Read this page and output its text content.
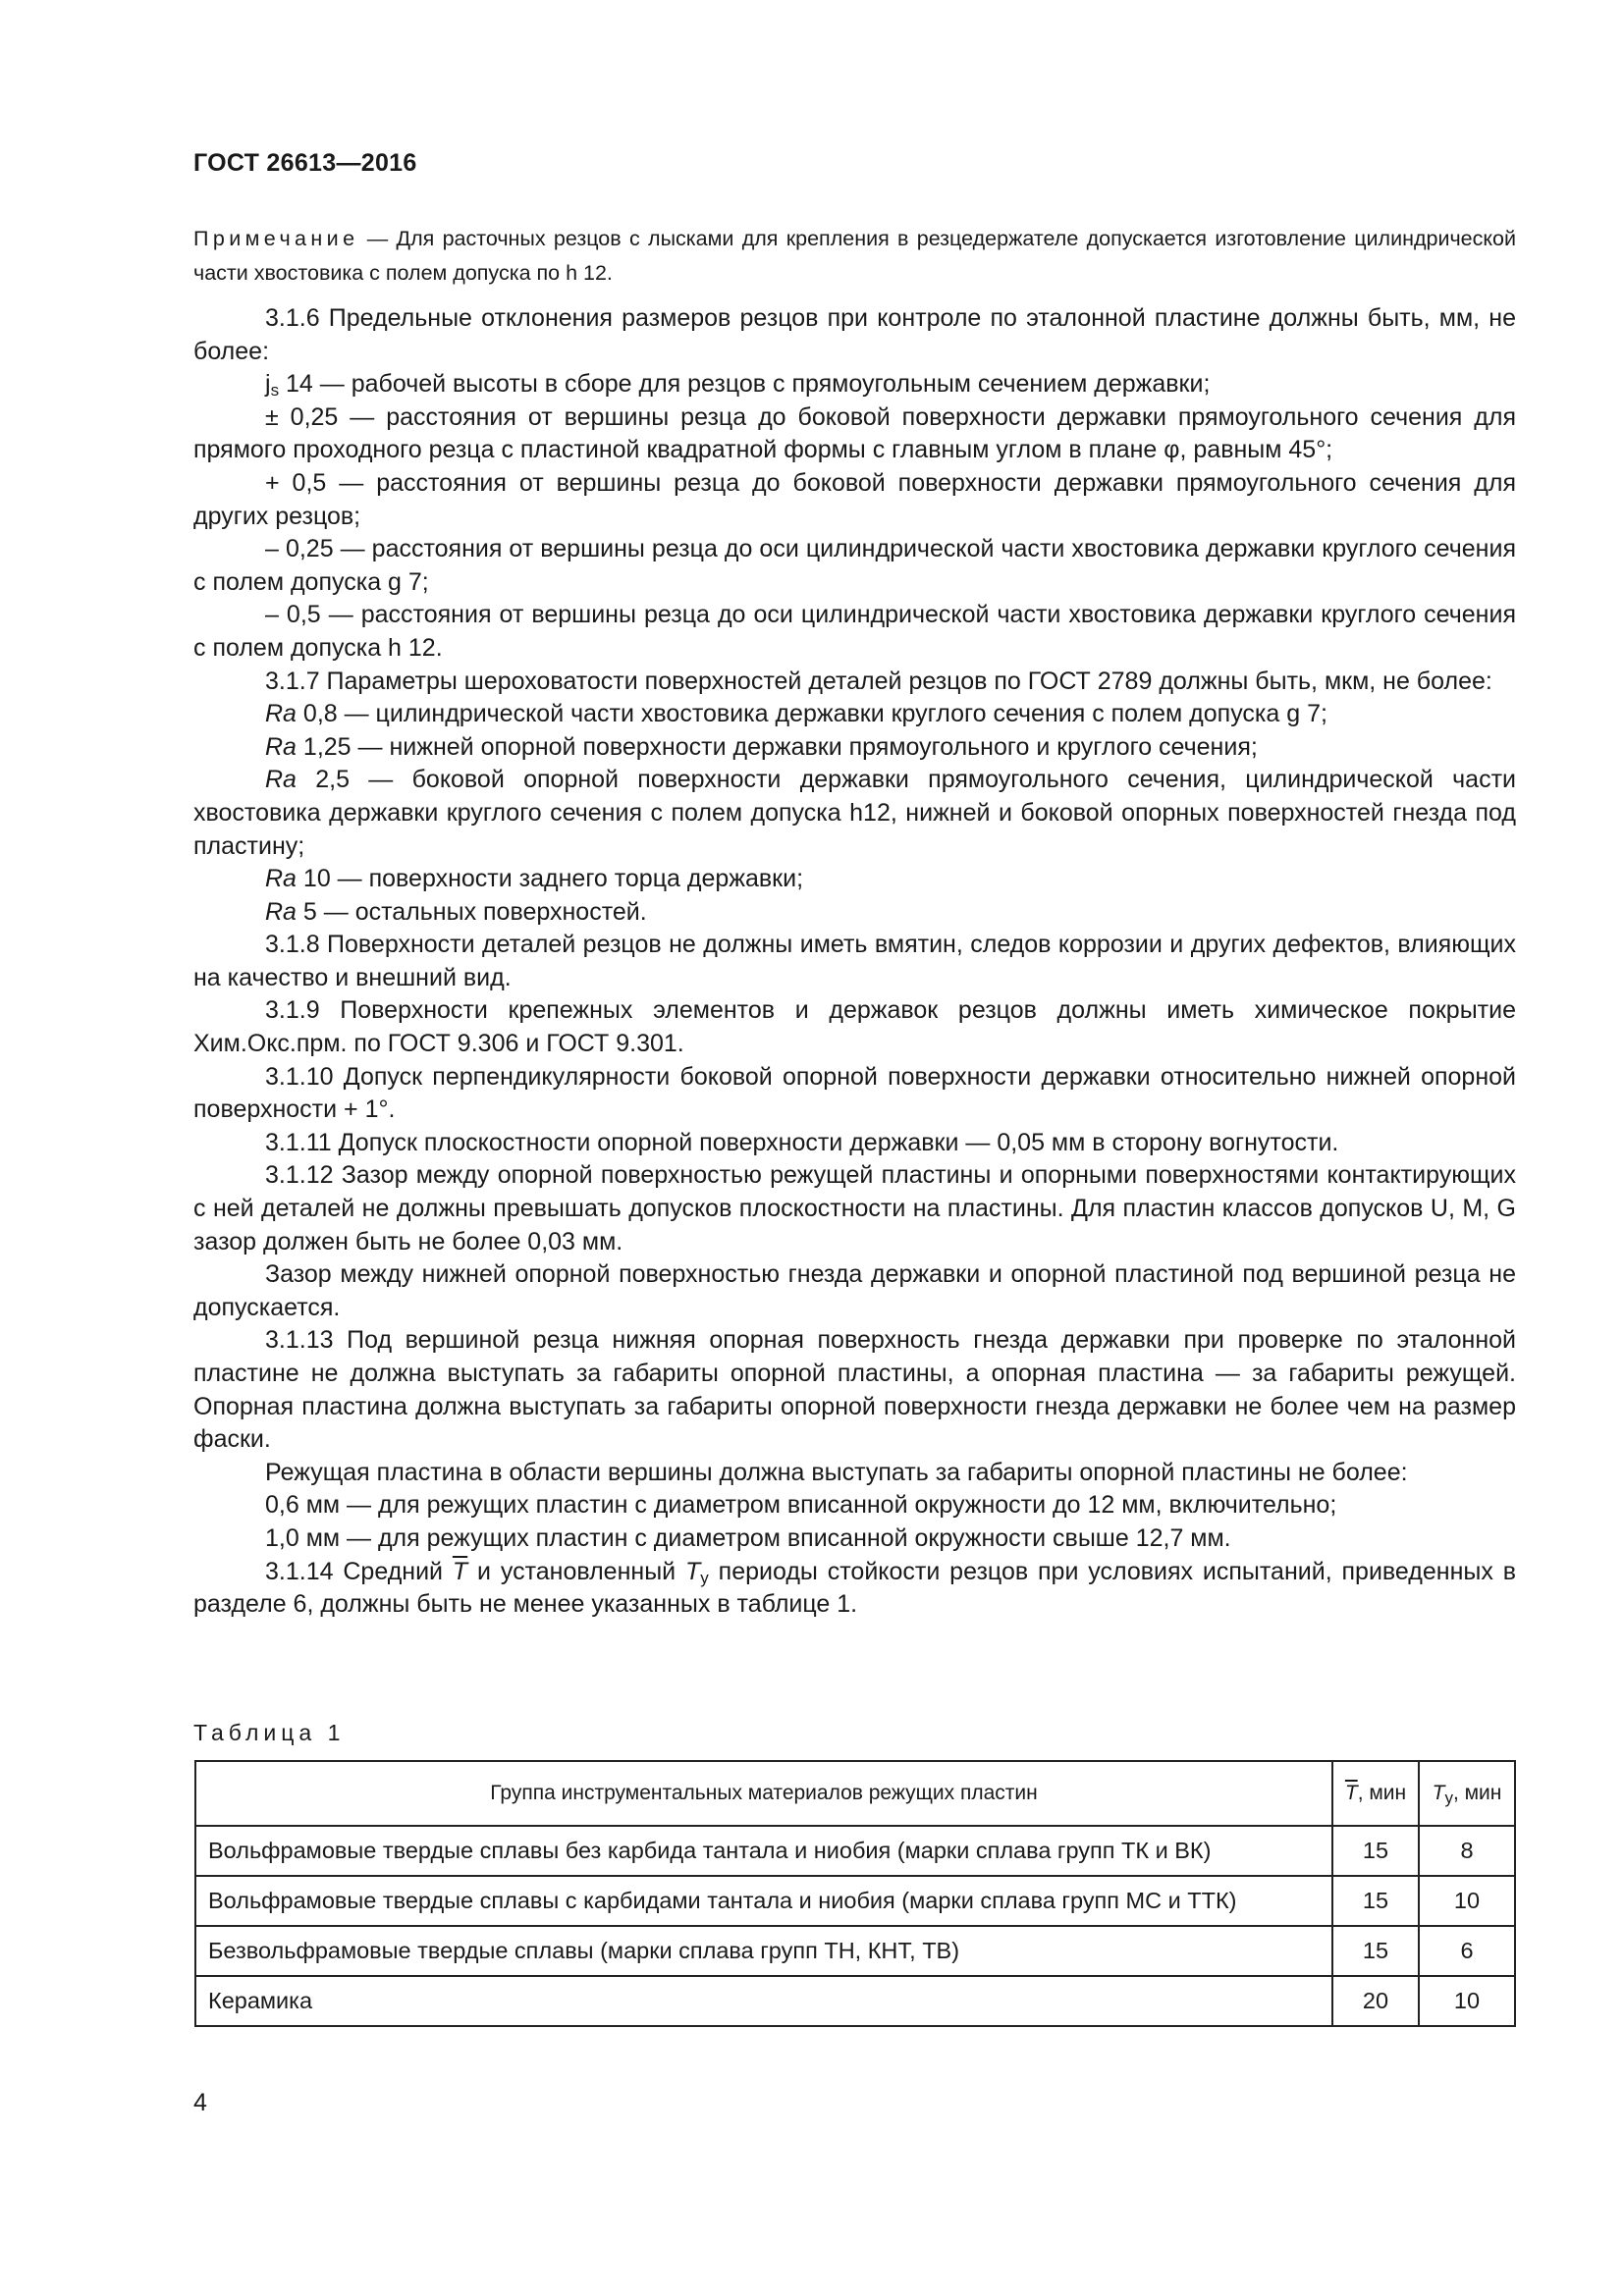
ГОСТ 26613—2016
Примечание — Для расточных резцов с лысками для крепления в резцедержателе допускается изготовление цилиндрической части хвостовика с полем допуска по h 12.

3.1.6 Предельные отклонения размеров резцов при контроле по эталонной пластине должны быть, мм, не более:

$j_s$ 14 — рабочей высоты в сборе для резцов с прямоугольным сечением державки;

± 0,25 — расстояния от вершины резца до боковой поверхности державки прямоугольного сечения для прямого проходного резца с пластиной квадратной формы с главным углом в плане φ, равным 45°;

+ 0,5 — расстояния от вершины резца до боковой поверхности державки прямоугольного сечения для других резцов;

– 0,25 — расстояния от вершины резца до оси цилиндрической части хвостовика державки круглого сечения с полем допуска g 7;

– 0,5 — расстояния от вершины резца до оси цилиндрической части хвостовика державки круглого сечения с полем допуска h 12.

3.1.7 Параметры шероховатости поверхностей деталей резцов по ГОСТ 2789 должны быть, мкм, не более:

Ra 0,8 — цилиндрической части хвостовика державки круглого сечения с полем допуска g 7;

Ra 1,25 — нижней опорной поверхности державки прямоугольного и круглого сечения;

Ra 2,5 — боковой опорной поверхности державки прямоугольного сечения, цилиндрической части хвостовика державки круглого сечения с полем допуска h12, нижней и боковой опорных поверхностей гнезда под пластину;

Ra 10 — поверхности заднего торца державки;

Ra 5 — остальных поверхностей.

3.1.8 Поверхности деталей резцов не должны иметь вмятин, следов коррозии и других дефектов, влияющих на качество и внешний вид.

3.1.9 Поверхности крепежных элементов и державок резцов должны иметь химическое покрытие Хим.Окс.прм. по ГОСТ 9.306 и ГОСТ 9.301.

3.1.10 Допуск перпендикулярности боковой опорной поверхности державки относительно нижней опорной поверхности + 1°.

3.1.11 Допуск плоскостности опорной поверхности державки — 0,05 мм в сторону вогнутости.

3.1.12 Зазор между опорной поверхностью режущей пластины и опорными поверхностями контактирующих с ней деталей не должны превышать допусков плоскостности на пластины. Для пластин классов допусков U, M, G зазор должен быть не более 0,03 мм.

Зазор между нижней опорной поверхностью гнезда державки и опорной пластиной под вершиной резца не допускается.

3.1.13 Под вершиной резца нижняя опорная поверхность гнезда державки при проверке по эталонной пластине не должна выступать за габариты опорной пластины, а опорная пластина — за габариты режущей. Опорная пластина должна выступать за габариты опорной поверхности гнезда державки не более чем на размер фаски.

Режущая пластина в области вершины должна выступать за габариты опорной пластины не более:

0,6 мм — для режущих пластин с диаметром вписанной окружности до 12 мм, включительно;

1,0 мм — для режущих пластин с диаметром вписанной окружности свыше 12,7 мм.

3.1.14 Средний $\overline{T}$ и установленный $T_y$ периоды стойкости резцов при условиях испытаний, приведенных в разделе 6, должны быть не менее указанных в таблице 1.

Таблица 1
Группа инструментальных материалов режущих пластин	$\overline{T}$, мин	$T_y$, мин
Вольфрамовые твердые сплавы без карбида тантала и ниобия (марки сплава групп ТК и ВК)	15	8
Вольфрамовые твердые сплавы с карбидами тантала и ниобия (марки сплава групп МС и ТТК)	15	10
Безвольфрамовые твердые сплавы (марки сплава групп ТН, КНТ, ТВ)	15	6
Керамика	20	10
4
